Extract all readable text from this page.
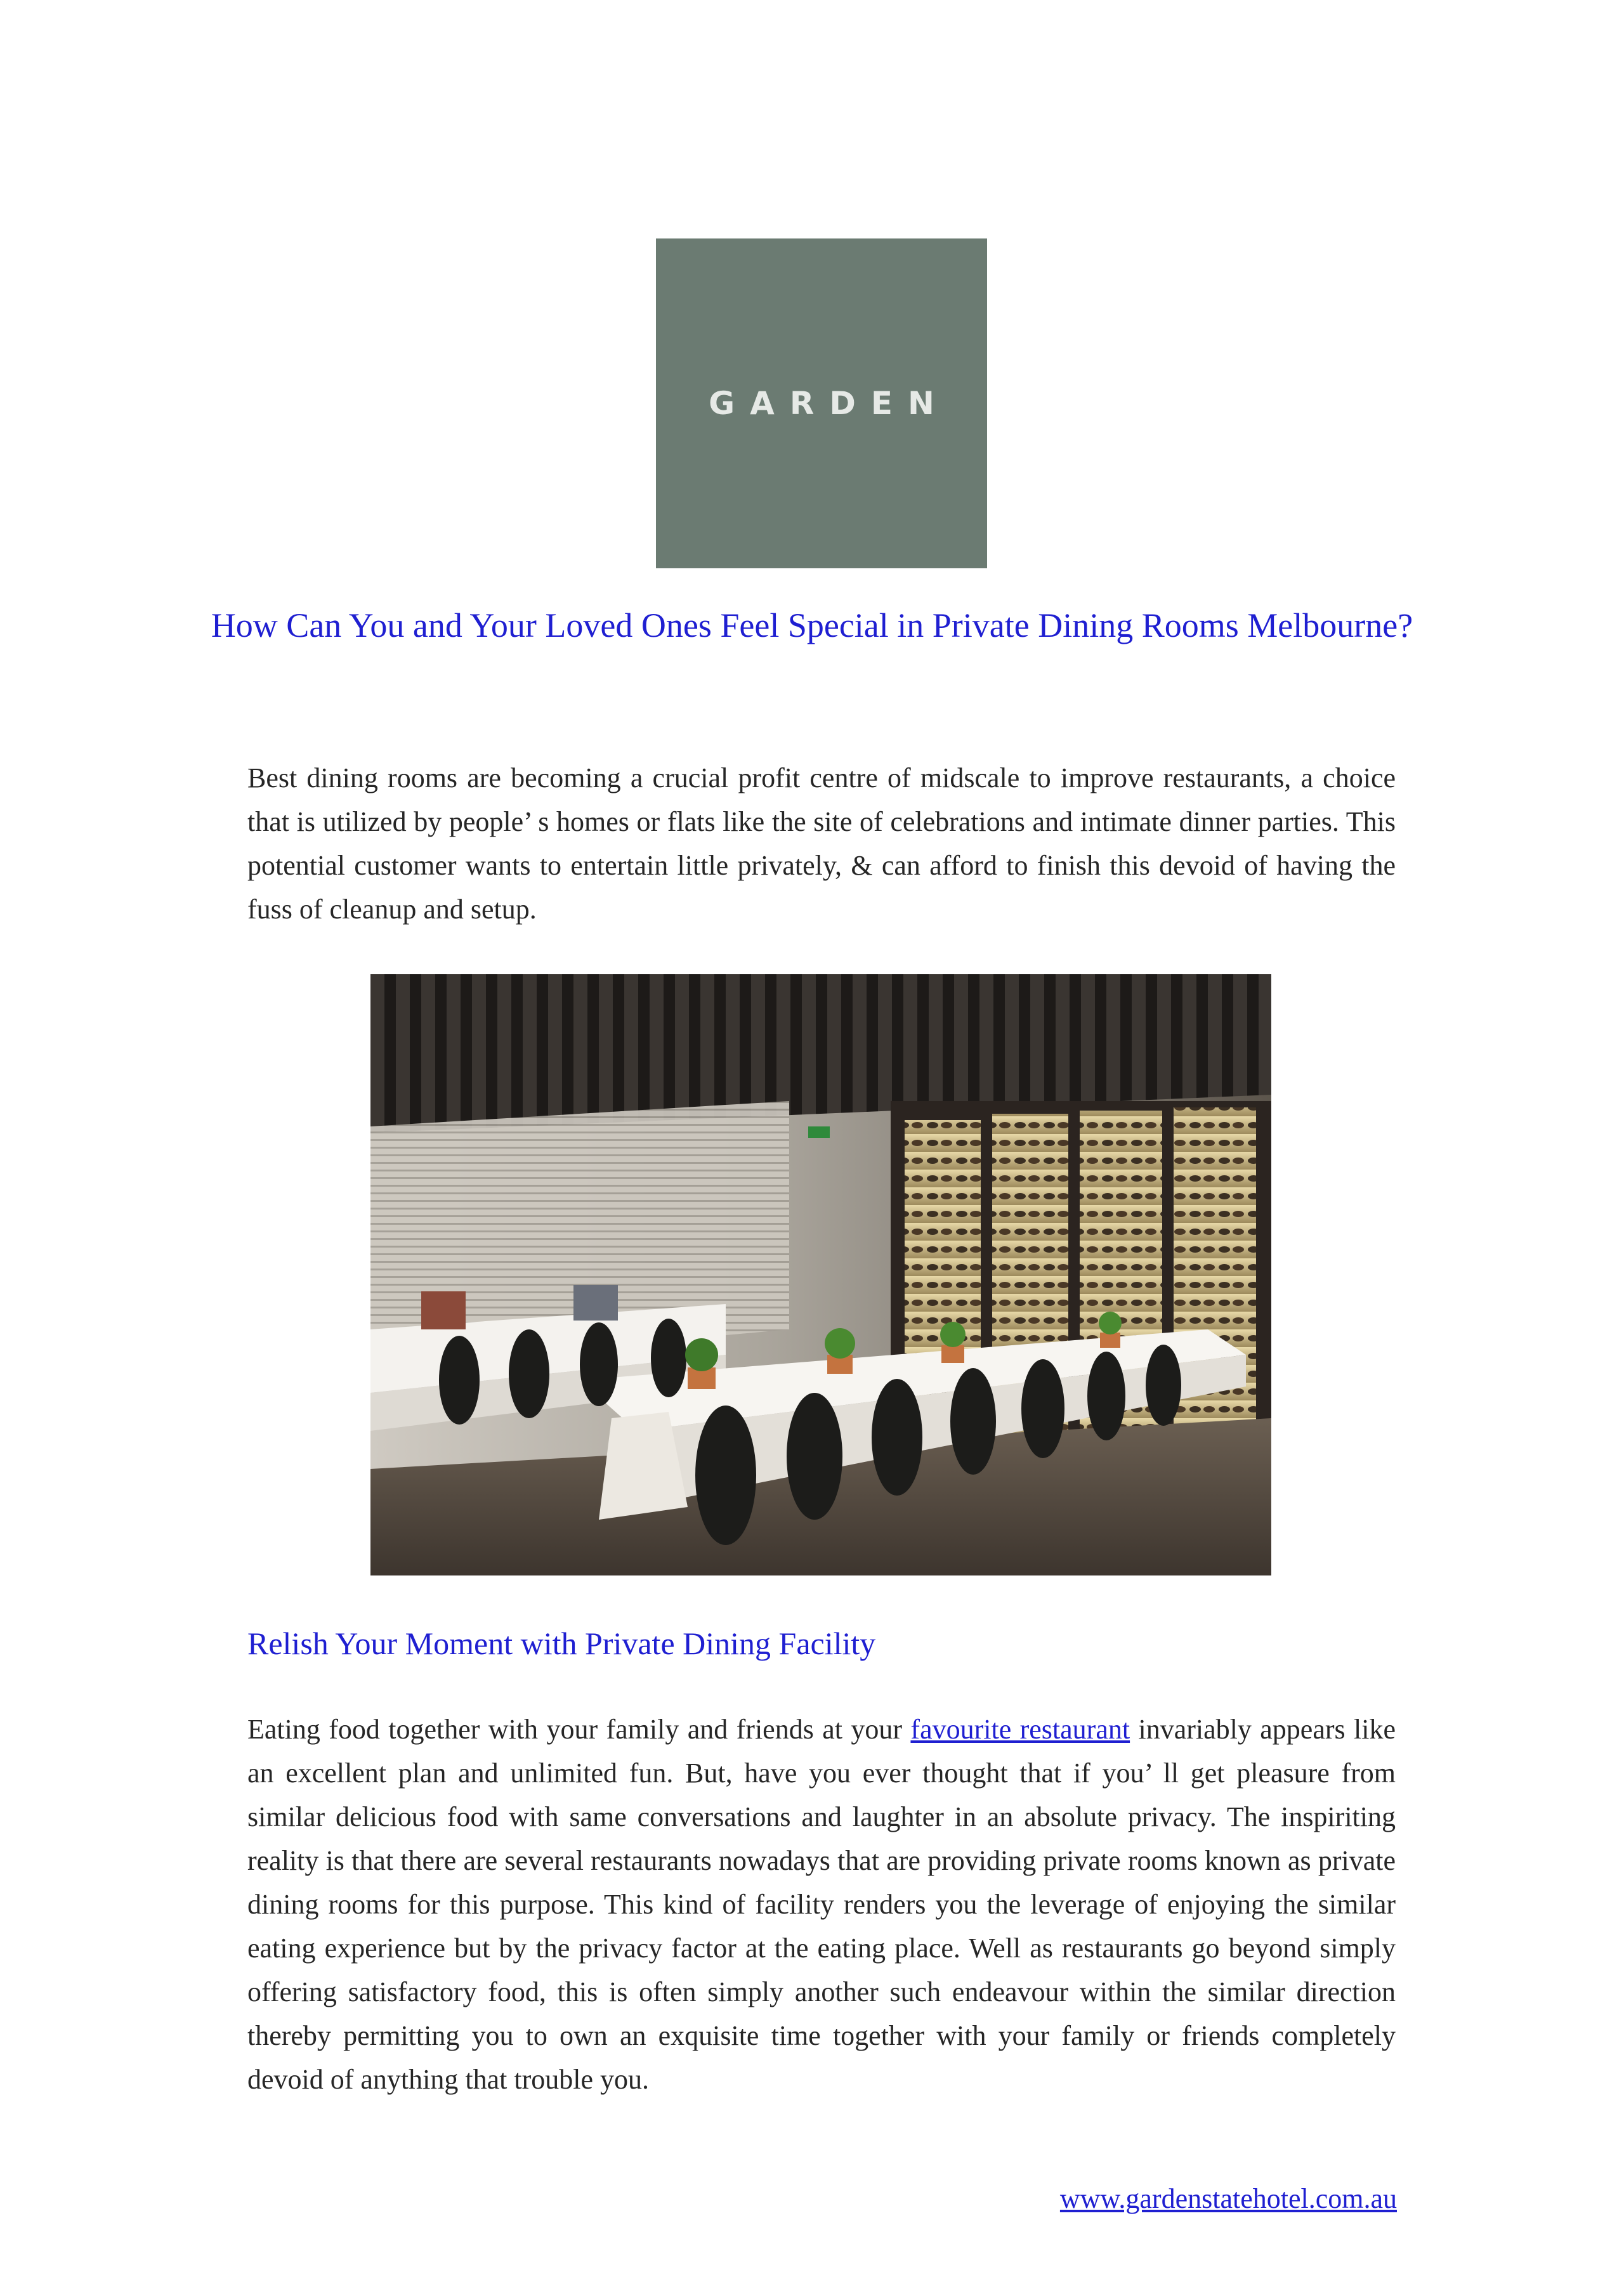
GARDEN
How Can You and Your Loved Ones Feel Special in Private Dining Rooms Melbourne?

Best dining rooms are becoming a crucial profit centre of midscale to improve restaurants, a choice that is utilized by people’ s homes or flats like the site of celebrations and intimate dinner parties. This potential customer wants to entertain little privately, & can afford to finish this devoid of having the fuss of cleanup and setup.

Relish Your Moment with Private Dining Facility

Eating food together with your family and friends at your favourite restaurant invariably appears like an excellent plan and unlimited fun. But, have you ever thought that if you’ ll get pleasure from similar delicious food with same conversations and laughter in an absolute privacy. The inspiriting reality is that there are several restaurants nowadays that are providing private rooms known as private dining rooms for this purpose. This kind of facility renders you the leverage of enjoying the similar eating experience but by the privacy factor at the eating place. Well as restaurants go beyond simply offering satisfactory food, this is often simply another such endeavour within the similar direction thereby permitting you to own an exquisite time together with your family or friends completely devoid of anything that trouble you.

www.gardenstatehotel.com.au
